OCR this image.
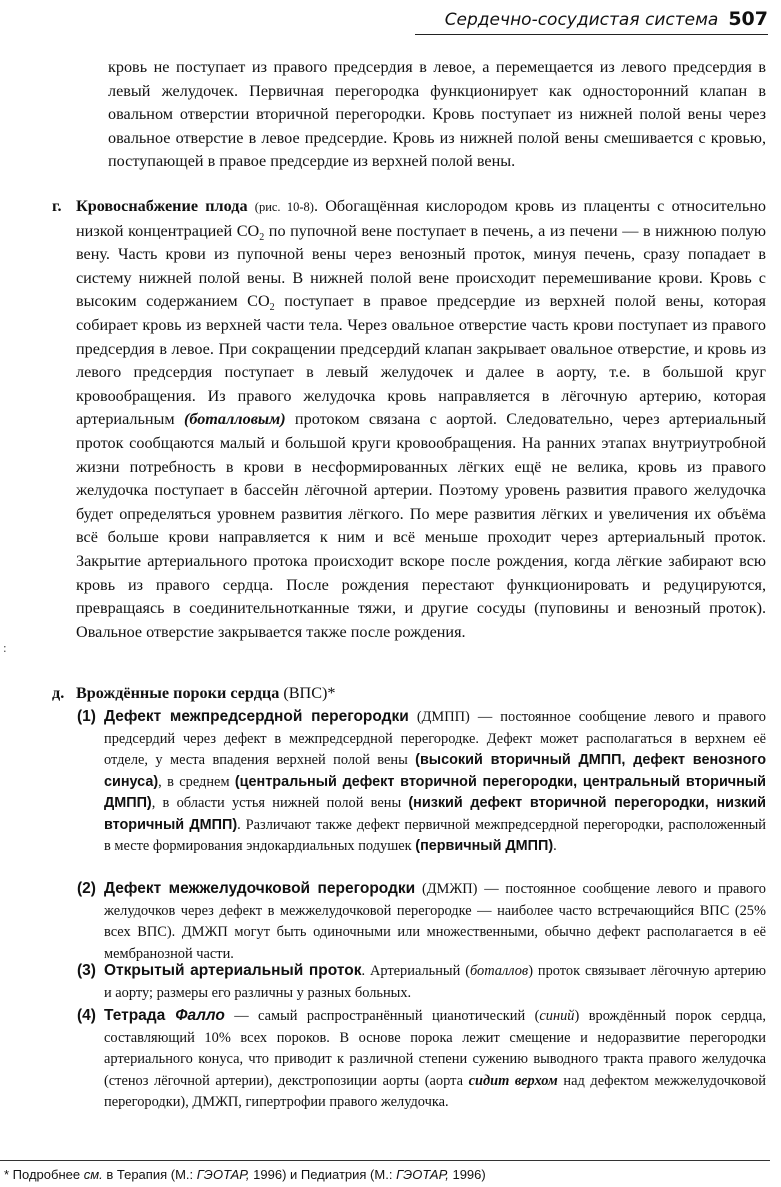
Сердечно-сосудистая система 507

кровь не поступает из правого предсердия в левое, а перемещается из левого предсердия в левый желудочек. Первичная перегородка функционирует как односторонний клапан в овальном отверстии вторичной перегородки. Кровь поступает из нижней полой вены через овальное отверстие в левое предсердие. Кровь из нижней полой вены смешивается с кровью, поступающей в правое предсердие из верхней полой вены.

г. Кровоснабжение плода (рис. 10-8). Обогащённая кислородом кровь из плаценты с относительно низкой концентрацией $СО_2$ по пупочной вене поступает в печень, а из печени — в нижнюю полую вену. Часть крови из пупочной вены через венозный проток, минуя печень, сразу попадает в систему нижней полой вены. В нижней полой вене происходит перемешивание крови. Кровь с высоким содержанием $СО_2$ поступает в правое предсердие из верхней полой вены, которая собирает кровь из верхней части тела. Через овальное отверстие часть крови поступает из правого предсердия в левое. При сокращении предсердий клапан закрывает овальное отверстие, и кровь из левого предсердия поступает в левый желудочек и далее в аорту, т.е. в большой круг кровообращения. Из правого желудочка кровь направляется в лёгочную артерию, которая артериальным (боталловым) протоком связана с аортой. Следовательно, через артериальный проток сообщаются малый и большой круги кровообращения. На ранних этапах внутриутробной жизни потребность в крови в несформированных лёгких ещё не велика, кровь из правого желудочка поступает в бассейн лёгочной артерии. Поэтому уровень развития правого желудочка будет определяться уровнем развития лёгкого. По мере развития лёгких и увеличения их объёма всё больше крови направляется к ним и всё меньше проходит через артериальный проток. Закрытие артериального протока происходит вскоре после рождения, когда лёгкие забирают всю кровь из правого сердца. После рождения перестают функционировать и редуцируются, превращаясь в соединительнотканные тяжи, и другие сосуды (пуповины и венозный проток). Овальное отверстие закрывается также после рождения.

д. Врождённые пороки сердца (ВПС)*

(1) Дефект межпредсердной перегородки (ДМПП) — постоянное сообщение левого и правого предсердий через дефект в межпредсердной перегородке. Дефект может располагаться в верхнем её отделе, у места впадения верхней полой вены (высокий вторичный ДМПП, дефект венозного синуса), в среднем (центральный дефект вторичной перегородки, центральный вторичный ДМПП), в области устья нижней полой вены (низкий дефект вторичной перегородки, низкий вторичный ДМПП). Различают также дефект первичной межпредсердной перегородки, расположенный в месте формирования эндокардиальных подушек (первичный ДМПП).

(2) Дефект межжелудочковой перегородки (ДМЖП) — постоянное сообщение левого и правого желудочков через дефект в межжелудочковой перегородке — наиболее часто встречающийся ВПС (25% всех ВПС). ДМЖП могут быть одиночными или множественными, обычно дефект располагается в её мембранозной части.

(3) Открытый артериальный проток. Артериальный (боталлов) проток связывает лёгочную артерию и аорту; размеры его различны у разных больных.

(4) Тетрада Фалло — самый распространённый цианотический (синий) врождённый порок сердца, составляющий 10% всех пороков. В основе порока лежит смещение и недоразвитие перегородки артериального конуса, что приводит к различной степени сужению выводного тракта правого желудочка (стеноз лёгочной артерии), декстропозиции аорты (аорта сидит верхом над дефектом межжелудочковой перегородки), ДМЖП, гипертрофии правого желудочка.

:
* Подробнее см. в Терапия (М.: ГЭОТАР, 1996) и Педиатрия (М.: ГЭОТАР, 1996)
